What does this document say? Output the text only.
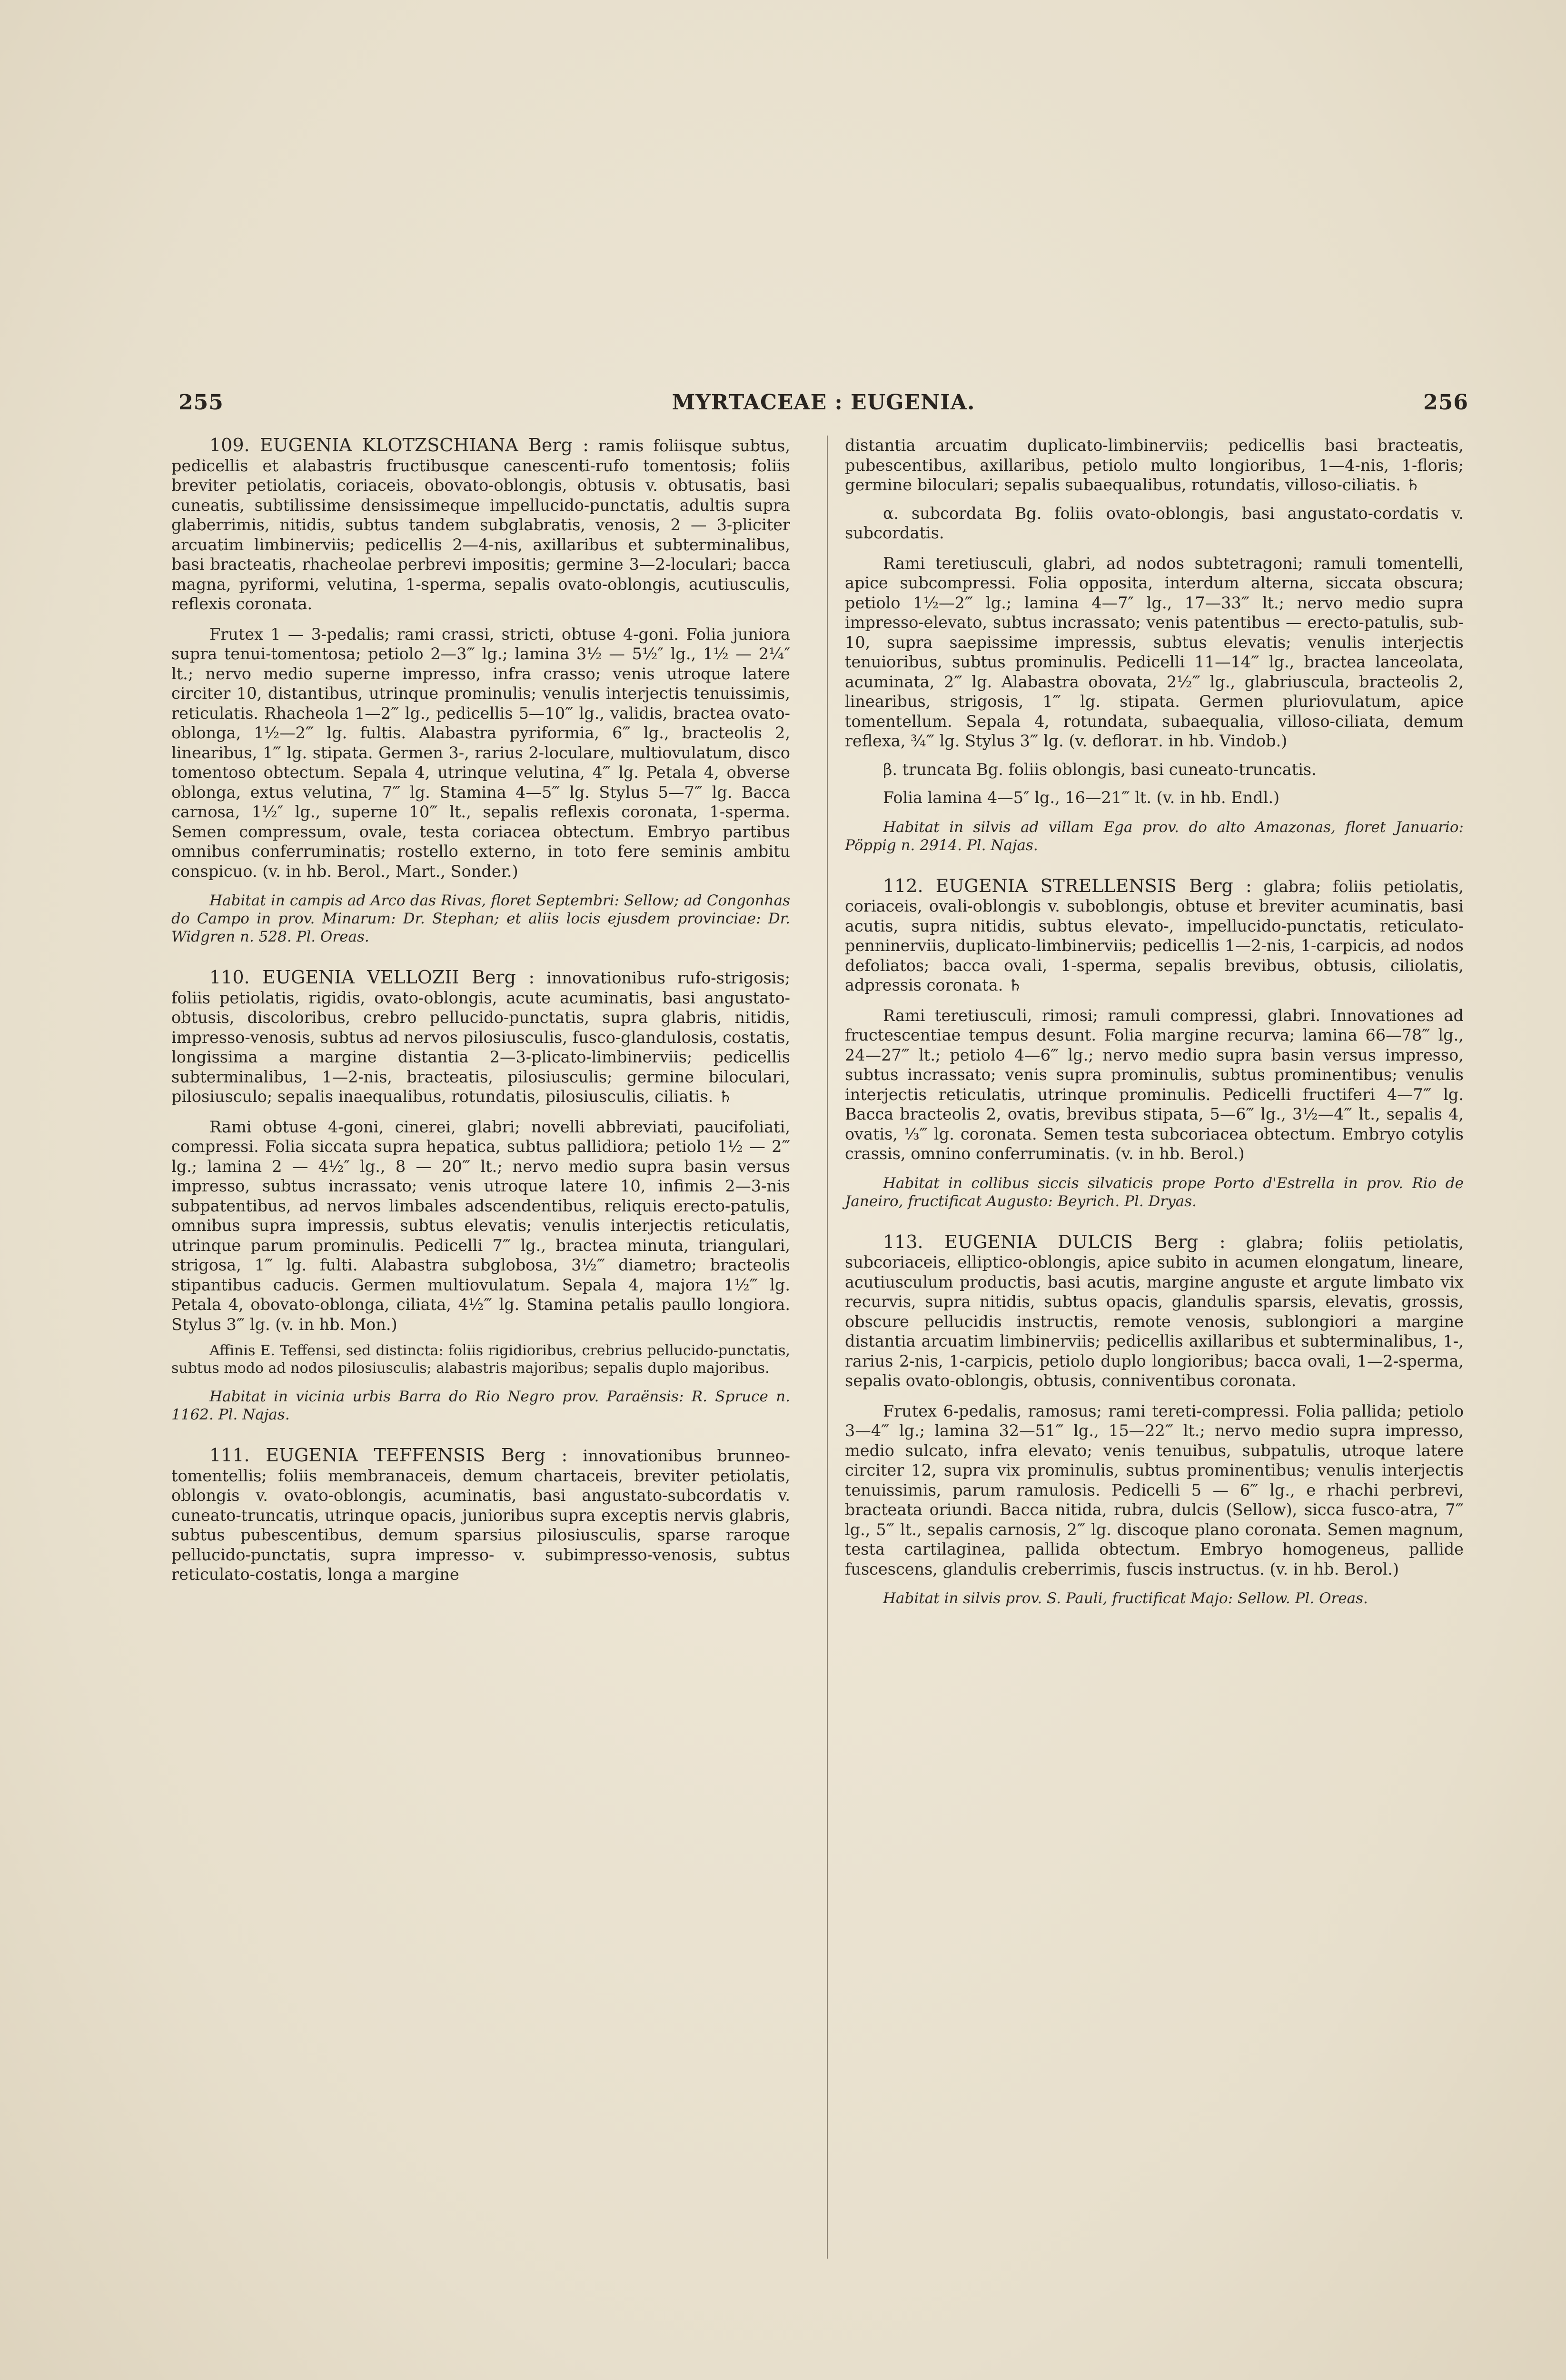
255	MYRTACEAE : EUGENIA.	256

109. EUGENIA KLOTZSCHIANA Berg : ramis foliisque subtus, pedicellis et alabastris fructibusque canescenti-rufo tomentosis; foliis breviter petiolatis, coriaceis, obovato-oblongis, obtusis v. obtusatis, basi cuneatis, subtilissime densissimeque impellucido-punctatis, adultis supra glaberrimis, nitidis, subtus tandem subglabratis, venosis, 2 — 3-pliciter arcuatim limbinerviis; pedicellis 2—4-nis, axillaribus et subterminalibus, basi bracteatis, rhacheolae perbrevi impositis; germine 3—2-loculari; bacca magna, pyriformi, velutina, 1-sperma, sepalis ovato-oblongis, acutiusculis, reflexis coronata.

Frutex 1 — 3-pedalis; rami crassi, stricti, obtuse 4-goni. Folia juniora supra tenui-tomentosa; petiolo 2—3‴ lg.; lamina 3½ — 5½″ lg., 1½ — 2¼″ lt.; nervo medio superne impresso, infra crasso; venis utroque latere circiter 10, distantibus, utrinque prominulis; venulis interjectis tenuissimis, reticulatis. Rhacheola 1—2‴ lg., pedicellis 5—10‴ lg., validis, bractea ovato-oblonga, 1½—2‴ lg. fultis. Alabastra pyriformia, 6‴ lg., bracteolis 2, linearibus, 1‴ lg. stipata. Germen 3-, rarius 2-loculare, multiovulatum, disco tomentoso obtectum. Sepala 4, utrinque velutina, 4‴ lg. Petala 4, obverse oblonga, extus velutina, 7‴ lg. Stamina 4—5‴ lg. Stylus 5—7‴ lg. Bacca carnosa, 1½″ lg., superne 10‴ lt., sepalis reflexis coronata, 1-sperma. Semen compressum, ovale, testa coriacea obtectum. Embryo partibus omnibus conferruminatis; rostello externo, in toto fere seminis ambitu conspicuo. (v. in hb. Berol., Mart., Sonder.)

Habitat in campis ad Arco das Rivas, floret Septembri: Sellow; ad Congonhas do Campo in prov. Minarum: Dr. Stephan; et aliis locis ejusdem provinciae: Dr. Widgren n. 528. Pl. Oreas.

110. EUGENIA VELLOZII Berg : innovationibus rufo-strigosis; foliis petiolatis, rigidis, ovato-oblongis, acute acuminatis, basi angustato-obtusis, discoloribus, crebro pellucido-punctatis, supra glabris, nitidis, impresso-venosis, subtus ad nervos pilosiusculis, fusco-glandulosis, costatis, longissima a margine distantia 2—3-plicato-limbinerviis; pedicellis subterminalibus, 1—2-nis, bracteatis, pilosiusculis; germine biloculari, pilosiusculo; sepalis inaequalibus, rotundatis, pilosiusculis, ciliatis. ♄

Rami obtuse 4-goni, cinerei, glabri; novelli abbreviati, paucifoliati, compressi. Folia siccata supra hepatica, subtus pallidiora; petiolo 1½ — 2‴ lg.; lamina 2 — 4½″ lg., 8 — 20‴ lt.; nervo medio supra basin versus impresso, subtus incrassato; venis utroque latere 10, infimis 2—3-nis subpatentibus, ad nervos limbales adscendentibus, reliquis erecto-patulis, omnibus supra impressis, subtus elevatis; venulis interjectis reticulatis, utrinque parum prominulis. Pedicelli 7‴ lg., bractea minuta, triangulari, strigosa, 1‴ lg. fulti. Alabastra subglobosa, 3½‴ diametro; bracteolis stipantibus caducis. Germen multiovulatum. Sepala 4, majora 1½‴ lg. Petala 4, obovato-oblonga, ciliata, 4½‴ lg. Stamina petalis paullo longiora. Stylus 3‴ lg. (v. in hb. Mon.)

Affinis E. Teffensi, sed distincta: foliis rigidioribus, crebrius pellucido-punctatis, subtus modo ad nodos pilosiusculis; alabastris majoribus; sepalis duplo majoribus.

Habitat in vicinia urbis Barra do Rio Negro prov. Paraënsis: R. Spruce n. 1162. Pl. Najas.

111. EUGENIA TEFFENSIS Berg : innovationibus brunneo-tomentellis; foliis membranaceis, demum chartaceis, breviter petiolatis, oblongis v. ovato-oblongis, acuminatis, basi angustato-subcordatis v. cuneato-truncatis, utrinque opacis, junioribus supra exceptis nervis glabris, subtus pubescentibus, demum sparsius pilosiusculis, sparse raroque pellucido-punctatis, supra impresso- v. subimpresso-venosis, subtus reticulato-costatis, longa a margine

distantia arcuatim duplicato-limbinerviis; pedicellis basi bracteatis, pubescentibus, axillaribus, petiolo multo longioribus, 1—4-nis, 1-floris; germine biloculari; sepalis subaequalibus, rotundatis, villoso-ciliatis. ♄

α. subcordata Bg. foliis ovato-oblongis, basi angustato-cordatis v. subcordatis.

Rami teretiusculi, glabri, ad nodos subtetragoni; ramuli tomentelli, apice subcompressi. Folia opposita, interdum alterna, siccata obscura; petiolo 1½—2‴ lg.; lamina 4—7″ lg., 17—33‴ lt.; nervo medio supra impresso-elevato, subtus incrassato; venis patentibus — erecto-patulis, sub-10, supra saepissime impressis, subtus elevatis; venulis interjectis tenuioribus, subtus prominulis. Pedicelli 11—14‴ lg., bractea lanceolata, acuminata, 2‴ lg. Alabastra obovata, 2½‴ lg., glabriuscula, bracteolis 2, linearibus, strigosis, 1‴ lg. stipata. Germen pluriovulatum, apice tomentellum. Sepala 4, rotundata, subaequalia, villoso-ciliata, demum reflexa, ¾‴ lg. Stylus 3‴ lg. (v. defloraт. in hb. Vindob.)

β. truncata Bg. foliis oblongis, basi cuneato-truncatis.

Folia lamina 4—5″ lg., 16—21‴ lt. (v. in hb. Endl.)

Habitat in silvis ad villam Ega prov. do alto Amazonas, floret Januario: Pöppig n. 2914. Pl. Najas.

112. EUGENIA STRELLENSIS Berg : glabra; foliis petiolatis, coriaceis, ovali-oblongis v. suboblongis, obtuse et breviter acuminatis, basi acutis, supra nitidis, subtus elevato-, impellucido-punctatis, reticulato-penninerviis, duplicato-limbinerviis; pedicellis 1—2-nis, 1-carpicis, ad nodos defoliatos; bacca ovali, 1-sperma, sepalis brevibus, obtusis, ciliolatis, adpressis coronata. ♄

Rami teretiusculi, rimosi; ramuli compressi, glabri. Innovationes ad fructescentiae tempus desunt. Folia margine recurva; lamina 66—78‴ lg., 24—27‴ lt.; petiolo 4—6‴ lg.; nervo medio supra basin versus impresso, subtus incrassato; venis supra prominulis, subtus prominentibus; venulis interjectis reticulatis, utrinque prominulis. Pedicelli fructiferi 4—7‴ lg. Bacca bracteolis 2, ovatis, brevibus stipata, 5—6‴ lg., 3½—4‴ lt., sepalis 4, ovatis, ⅓‴ lg. coronata. Semen testa subcoriacea obtectum. Embryo cotylis crassis, omnino conferruminatis. (v. in hb. Berol.)

Habitat in collibus siccis silvaticis prope Porto d'Estrella in prov. Rio de Janeiro, fructificat Augusto: Beyrich. Pl. Dryas.

113. EUGENIA DULCIS Berg : glabra; foliis petiolatis, subcoriaceis, elliptico-oblongis, apice subito in acumen elongatum, lineare, acutiusculum productis, basi acutis, margine anguste et argute limbato vix recurvis, supra nitidis, subtus opacis, glandulis sparsis, elevatis, grossis, obscure pellucidis instructis, remote venosis, sublongiori a margine distantia arcuatim limbinerviis; pedicellis axillaribus et subterminalibus, 1-, rarius 2-nis, 1-carpicis, petiolo duplo longioribus; bacca ovali, 1—2-sperma, sepalis ovato-oblongis, obtusis, conniventibus coronata.

Frutex 6-pedalis, ramosus; rami tereti-compressi. Folia pallida; petiolo 3—4‴ lg.; lamina 32—51‴ lg., 15—22‴ lt.; nervo medio supra impresso, medio sulcato, infra elevato; venis tenuibus, subpatulis, utroque latere circiter 12, supra vix prominulis, subtus prominentibus; venulis interjectis tenuissimis, parum ramulosis. Pedicelli 5 — 6‴ lg., e rhachi perbrevi, bracteata oriundi. Bacca nitida, rubra, dulcis (Sellow), sicca fusco-atra, 7‴ lg., 5‴ lt., sepalis carnosis, 2‴ lg. discoque plano coronata. Semen magnum, testa cartilaginea, pallida obtectum. Embryo homogeneus, pallide fuscescens, glandulis creberrimis, fuscis instructus. (v. in hb. Berol.)

Habitat in silvis prov. S. Pauli, fructificat Majo: Sellow. Pl. Oreas.
